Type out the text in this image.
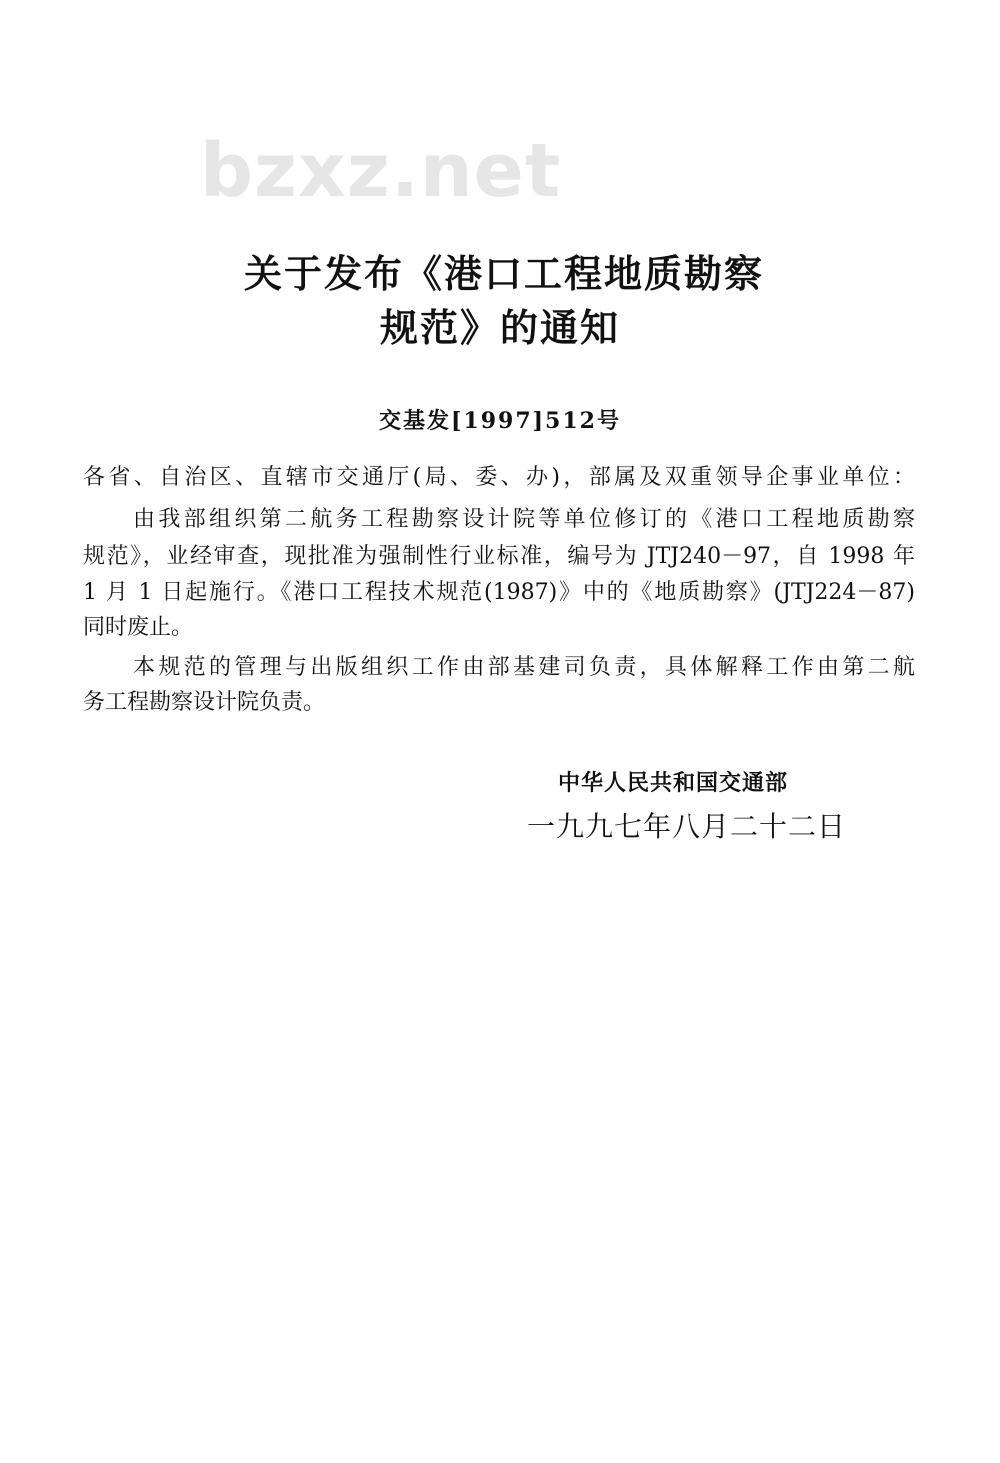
bzxz.net
关于发布《港口工程地质勘察
规范》的通知
交基发[1997]512号
各省、自治区、直辖市交通厅(局、委、办)，部属及双重领导企事业单位：
由我部组织第二航务工程勘察设计院等单位修订的《港口工程地质勘察
规范》，业经审查，现批准为强制性行业标准，编号为 JTJ240－97，自 1998 年
1 月 1 日起施行。《港口工程技术规范(1987)》中的《地质勘察》(JTJ224－87)
同时废止。
本规范的管理与出版组织工作由部基建司负责，具体解释工作由第二航
务工程勘察设计院负责。
中华人民共和国交通部
一九九七年八月二十二日
